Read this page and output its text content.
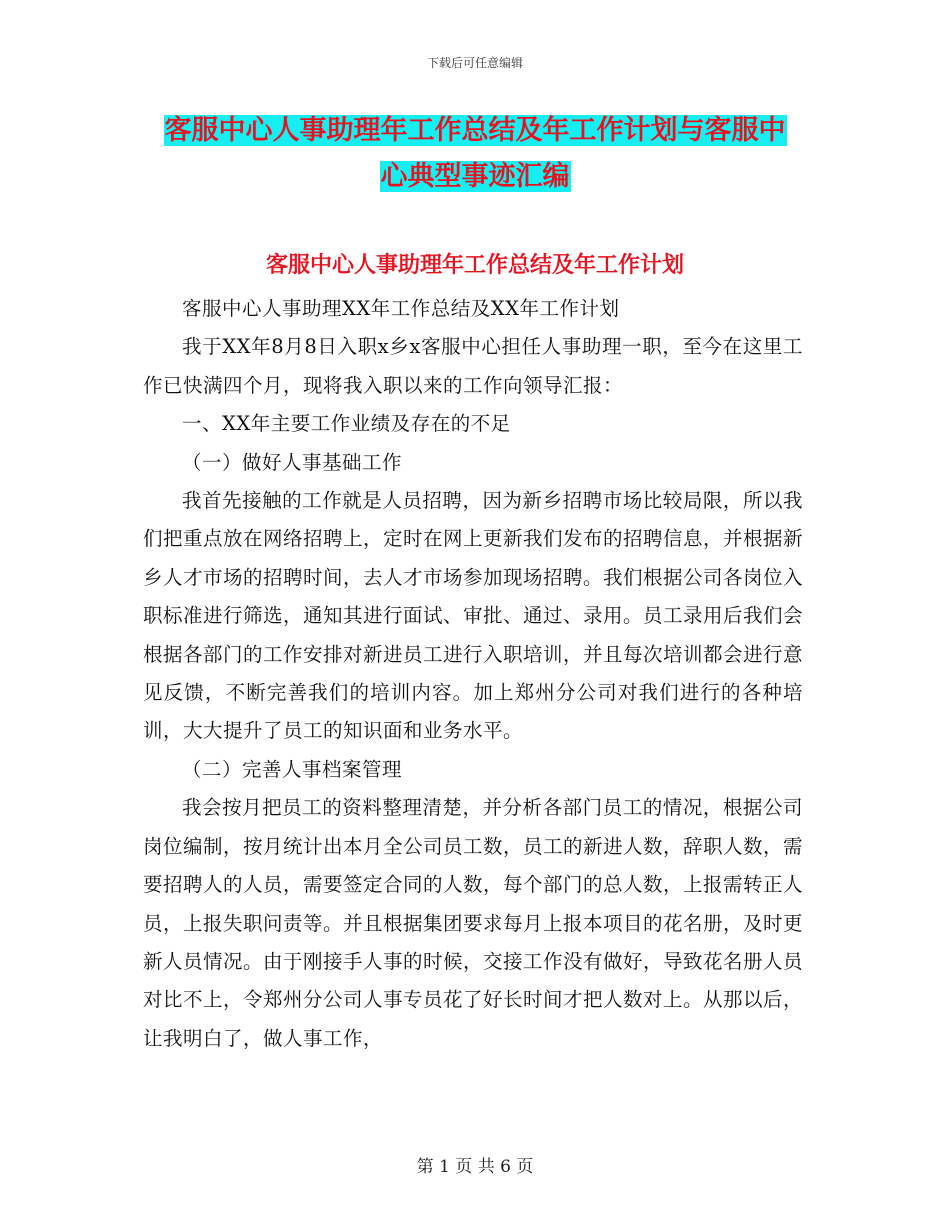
下载后可任意编辑
客服中心人事助理年工作总结及年工作计划与客服中
心典型事迹汇编
客服中心人事助理年工作总结及年工作计划

客服中心人事助理XX年工作总结及XX年工作计划

我于XX年8月8日入职x乡x客服中心担任人事助理一职，至今在这里工作已快满四个月，现将我入职以来的工作向领导汇报：

一、XX年主要工作业绩及存在的不足

（一）做好人事基础工作

我首先接触的工作就是人员招聘，因为新乡招聘市场比较局限，所以我们把重点放在网络招聘上，定时在网上更新我们发布的招聘信息，并根据新乡人才市场的招聘时间，去人才市场参加现场招聘。我们根据公司各岗位入职标准进行筛选，通知其进行面试、审批、通过、录用。员工录用后我们会根据各部门的工作安排对新进员工进行入职培训，并且每次培训都会进行意见反馈，不断完善我们的培训内容。加上郑州分公司对我们进行的各种培训，大大提升了员工的知识面和业务水平。

（二）完善人事档案管理

我会按月把员工的资料整理清楚，并分析各部门员工的情况，根据公司岗位编制，按月统计出本月全公司员工数，员工的新进人数，辞职人数，需要招聘人的人员，需要签定合同的人数，每个部门的总人数，上报需转正人员，上报失职问责等。并且根据集团要求每月上报本项目的花名册，及时更新人员情况。由于刚接手人事的时候，交接工作没有做好，导致花名册人员对比不上，令郑州分公司人事专员花了好长时间才把人数对上。从那以后，让我明白了，做人事工作，

第 1 页 共 6 页
